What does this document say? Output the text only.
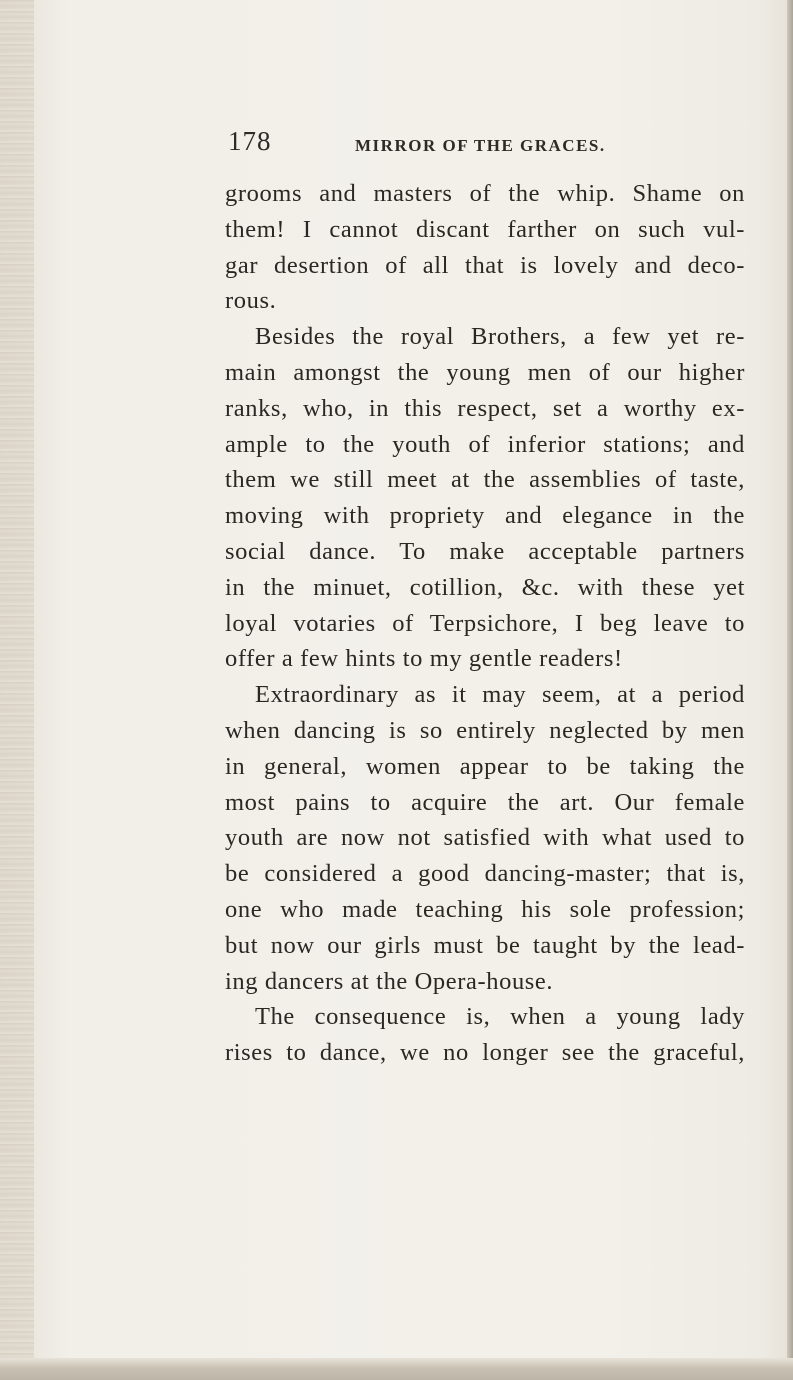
178	MIRROR OF THE GRACES.
grooms and masters of the whip. Shame on
them! I cannot discant farther on such vul-
gar desertion of all that is lovely and deco-
rous.
Besides the royal Brothers, a few yet re-
main amongst the young men of our higher
ranks, who, in this respect, set a worthy ex-
ample to the youth of inferior stations; and
them we still meet at the assemblies of taste,
moving with propriety and elegance in the
social dance. To make acceptable partners
in the minuet, cotillion, &c. with these yet
loyal votaries of Terpsichore, I beg leave to
offer a few hints to my gentle readers!
Extraordinary as it may seem, at a period
when dancing is so entirely neglected by men
in general, women appear to be taking the
most pains to acquire the art. Our female
youth are now not satisfied with what used to
be considered a good dancing-master; that is,
one who made teaching his sole profession;
but now our girls must be taught by the lead-
ing dancers at the Opera-house.
The consequence is, when a young lady
rises to dance, we no longer see the graceful,
